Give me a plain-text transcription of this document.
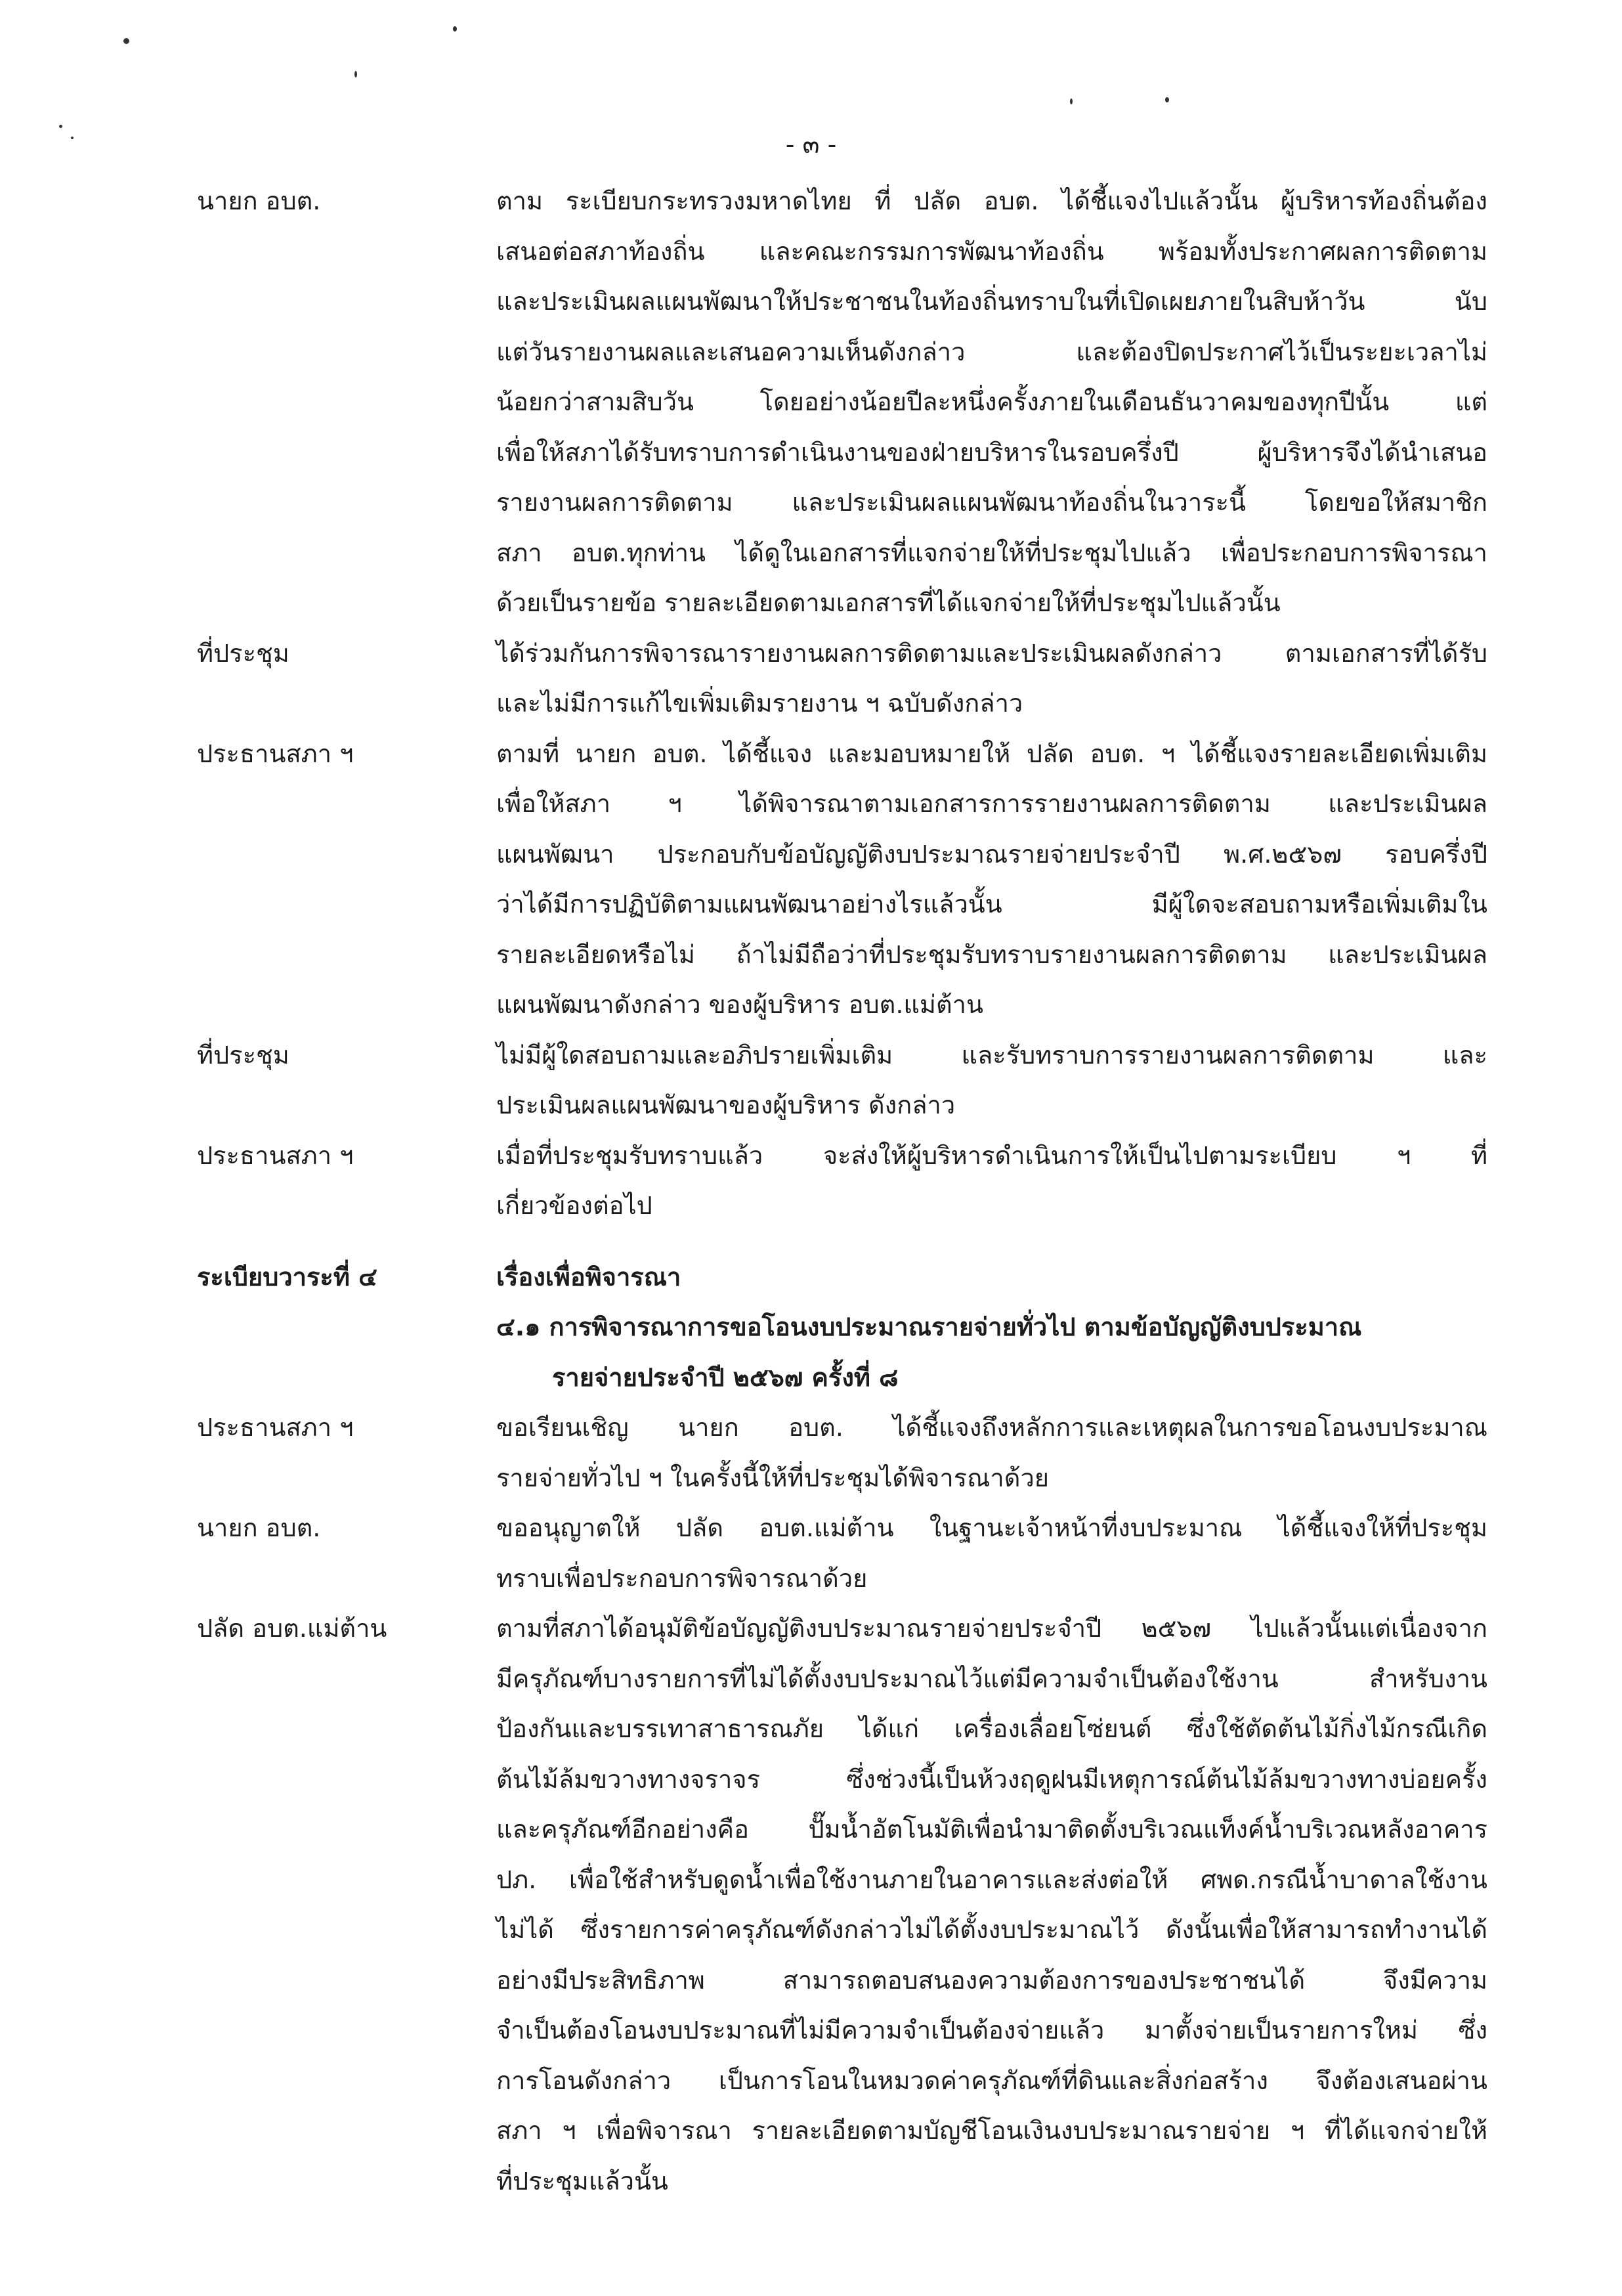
- ๓ -
นายก อบต.	ตาม ระเบียบกระทรวงมหาดไทย ที่ ปลัด อบต. ได้ชี้แจงไปแล้วนั้น ผู้บริหารท้องถิ่นต้อง
เสนอต่อสภาท้องถิ่น และคณะกรรมการพัฒนาท้องถิ่น พร้อมทั้งประกาศผลการติดตาม
และประเมินผลแผนพัฒนาให้ประชาชนในท้องถิ่นทราบในที่เปิดเผยภายในสิบห้าวัน นับ
แต่วันรายงานผลและเสนอความเห็นดังกล่าว และต้องปิดประกาศไว้เป็นระยะเวลาไม่
น้อยกว่าสามสิบวัน โดยอย่างน้อยปีละหนึ่งครั้งภายในเดือนธันวาคมของทุกปีนั้น แต่
เพื่อให้สภาได้รับทราบการดำเนินงานของฝ่ายบริหารในรอบครึ่งปี ผู้บริหารจึงได้นำเสนอ
รายงานผลการติดตาม และประเมินผลแผนพัฒนาท้องถิ่นในวาระนี้ โดยขอให้สมาชิก
สภา อบต.ทุกท่าน ได้ดูในเอกสารที่แจกจ่ายให้ที่ประชุมไปแล้ว เพื่อประกอบการพิจารณา
ด้วยเป็นรายข้อ รายละเอียดตามเอกสารที่ได้แจกจ่ายให้ที่ประชุมไปแล้วนั้น
ที่ประชุม	ได้ร่วมกันการพิจารณารายงานผลการติดตามและประเมินผลดังกล่าว ตามเอกสารที่ได้รับ
และไม่มีการแก้ไขเพิ่มเติมรายงาน ฯ ฉบับดังกล่าว
ประธานสภา ฯ	ตามที่ นายก อบต. ได้ชี้แจง และมอบหมายให้ ปลัด อบต. ฯ ได้ชี้แจงรายละเอียดเพิ่มเติม
เพื่อให้สภา ฯ ได้พิจารณาตามเอกสารการรายงานผลการติดตาม และประเมินผล
แผนพัฒนา ประกอบกับข้อบัญญัติงบประมาณรายจ่ายประจำปี พ.ศ.๒๕๖๗ รอบครึ่งปี
ว่าได้มีการปฏิบัติตามแผนพัฒนาอย่างไรแล้วนั้น มีผู้ใดจะสอบถามหรือเพิ่มเติมใน
รายละเอียดหรือไม่ ถ้าไม่มีถือว่าที่ประชุมรับทราบรายงานผลการติดตาม และประเมินผล
แผนพัฒนาดังกล่าว ของผู้บริหาร อบต.แม่ต้าน
ที่ประชุม	ไม่มีผู้ใดสอบถามและอภิปรายเพิ่มเติม และรับทราบการรายงานผลการติดตาม และ
ประเมินผลแผนพัฒนาของผู้บริหาร ดังกล่าว
ประธานสภา ฯ	เมื่อที่ประชุมรับทราบแล้ว จะส่งให้ผู้บริหารดำเนินการให้เป็นไปตามระเบียบ ฯ ที่
เกี่ยวข้องต่อไป
ระเบียบวาระที่ ๔	เรื่องเพื่อพิจารณา
๔.๑ การพิจารณาการขอโอนงบประมาณรายจ่ายทั่วไป ตามข้อบัญญัติงบประมาณ
รายจ่ายประจำปี ๒๕๖๗ ครั้งที่ ๘
ประธานสภา ฯ	ขอเรียนเชิญ นายก อบต. ได้ชี้แจงถึงหลักการและเหตุผลในการขอโอนงบประมาณ
รายจ่ายทั่วไป ฯ ในครั้งนี้ให้ที่ประชุมได้พิจารณาด้วย
นายก อบต.	ขออนุญาตให้ ปลัด อบต.แม่ต้าน ในฐานะเจ้าหน้าที่งบประมาณ ได้ชี้แจงให้ที่ประชุม
ทราบเพื่อประกอบการพิจารณาด้วย
ปลัด อบต.แม่ต้าน	ตามที่สภาได้อนุมัติข้อบัญญัติงบประมาณรายจ่ายประจำปี ๒๕๖๗ ไปแล้วนั้นแต่เนื่องจาก
มีครุภัณฑ์บางรายการที่ไม่ได้ตั้งงบประมาณไว้แต่มีความจำเป็นต้องใช้งาน สำหรับงาน
ป้องกันและบรรเทาสาธารณภัย ได้แก่ เครื่องเลื่อยโซ่ยนต์ ซึ่งใช้ตัดต้นไม้กิ่งไม้กรณีเกิด
ต้นไม้ล้มขวางทางจราจร ซึ่งช่วงนี้เป็นห้วงฤดูฝนมีเหตุการณ์ต้นไม้ล้มขวางทางบ่อยครั้ง
และครุภัณฑ์อีกอย่างคือ ปั๊มน้ำอัตโนมัติเพื่อนำมาติดตั้งบริเวณแท็งค์น้ำบริเวณหลังอาคาร
ปภ. เพื่อใช้สำหรับดูดน้ำเพื่อใช้งานภายในอาคารและส่งต่อให้ ศพด.กรณีน้ำบาดาลใช้งาน
ไม่ได้ ซึ่งรายการค่าครุภัณฑ์ดังกล่าวไม่ได้ตั้งงบประมาณไว้ ดังนั้นเพื่อให้สามารถทำงานได้
อย่างมีประสิทธิภาพ สามารถตอบสนองความต้องการของประชาชนได้ จึงมีความ
จำเป็นต้องโอนงบประมาณที่ไม่มีความจำเป็นต้องจ่ายแล้ว มาตั้งจ่ายเป็นรายการใหม่ ซึ่ง
การโอนดังกล่าว เป็นการโอนในหมวดค่าครุภัณฑ์ที่ดินและสิ่งก่อสร้าง จึงต้องเสนอผ่าน
สภา ฯ เพื่อพิจารณา รายละเอียดตามบัญชีโอนเงินงบประมาณรายจ่าย ฯ ที่ได้แจกจ่ายให้
ที่ประชุมแล้วนั้น
